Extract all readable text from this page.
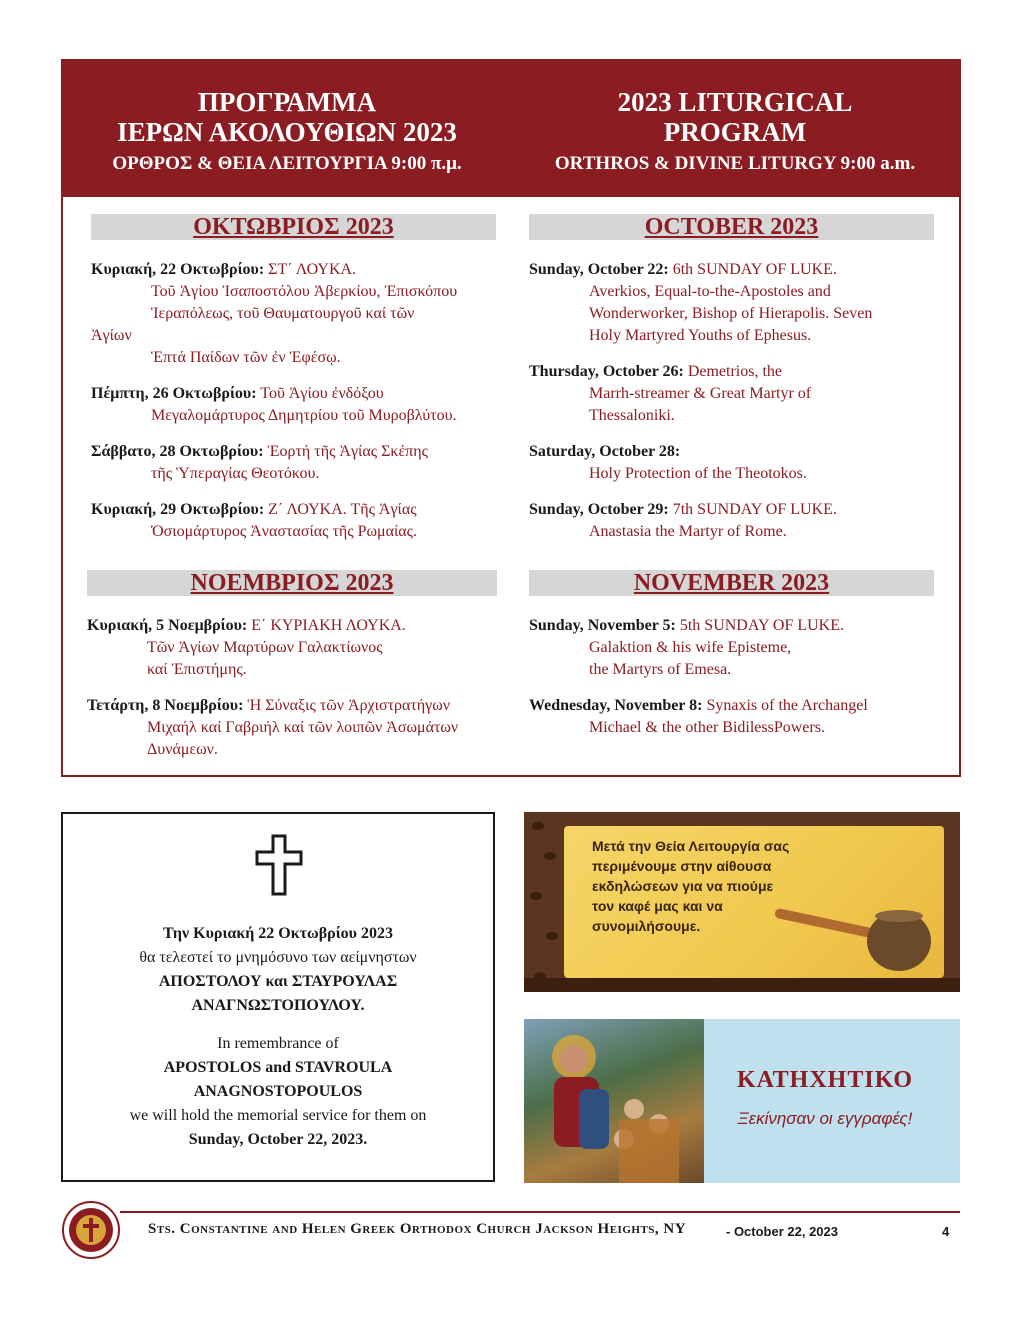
ΠΡΟΓΡΑΜΜΑ
ΙΕΡΩΝ ΑΚΟΛΟΥΘΙΩΝ 2023
ΟΡΘΡΟΣ & ΘΕΙΑ ΛΕΙΤΟΥΡΓΙΑ 9:00 π.μ.
2023 LITURGICAL
PROGRAM
ORTHROS & DIVINE LITURGY 9:00 a.m.
ΟΚΤΩΒΡΙΟΣ 2023	OCTOBER 2023
Κυριακή, 22 Οκτωβρίου: ΣΤ΄ ΛΟΥΚΑ.
Τοῦ Ἁγίου Ἰσαποστόλου Ἀβερκίου, Ἐπισκόπου
Ἱεραπόλεως, τοῦ Θαυματουργοῦ καί τῶν
Ἁγίων
Ἑπτά Παίδων τῶν ἐν Ἐφέσῳ.
Πέμπτη, 26 Οκτωβρίου: Τοῦ Ἁγίου ἐνδόξου
Μεγαλομάρτυρος Δημητρίου τοῦ Μυροβλύτου.
Σάββατο, 28 Οκτωβρίου: Ἑορτή τῆς Ἁγίας Σκέπης
τῆς Ὑπεραγίας Θεοτόκου.
Κυριακή, 29 Οκτωβρίου: Ζ΄ ΛΟΥΚΑ. Τῆς Ἁγίας
Ὁσιομάρτυρος Ἀναστασίας τῆς Ρωμαίας.
Sunday, October 22: 6th SUNDAY OF LUKE.
Averkios, Equal-to-the-Apostoles and
Wonderworker, Bishop of Hierapolis. Seven
Holy Martyred Youths of Ephesus.
Thursday, October 26: Demetrios, the
Marrh-streamer & Great Martyr of
Thessaloniki.
Saturday, October 28:
Holy Protection of the Theotokos.
Sunday, October 29: 7th SUNDAY OF LUKE.
Anastasia the Martyr of Rome.
ΝΟΕΜΒΡΙΟΣ 2023	NOVEMBER 2023
Κυριακή, 5 Νοεμβρίου: Ε΄ ΚΥΡΙΑΚΗ ΛΟΥΚΑ.
Τῶν Ἁγίων Μαρτύρων Γαλακτίωνος
καί Ἐπιστήμης.
Τετάρτη, 8 Νοεμβρίου: Ἡ Σύναξις τῶν Ἀρχιστρατήγων
Μιχαήλ καί Γαβριήλ καί τῶν λοιπῶν Ἀσωμάτων
Δυνάμεων.
Sunday, November 5: 5th SUNDAY OF LUKE.
Galaktion & his wife Episteme,
the Martyrs of Emesa.
Wednesday, November 8: Synaxis of the Archangel
Michael & the other BidilessPowers.
Την Κυριακή 22 Οκτωβρίου 2023
θα τελεστεί το μνημόσυνο των αείμνηστων
ΑΠΟΣΤΟΛΟΥ και ΣΤΑΥΡΟΥΛΑΣ
ΑΝΑΓΝΩΣΤΟΠΟΥΛΟΥ.
In remembrance of
APOSTOLOS and STAVROULA
ANAGNOSTOPOULOS
we will hold the memorial service for them on
Sunday, October 22, 2023.
Μετά την Θεία Λειτουργία σας
περιμένουμε στην αίθουσα
εκδηλώσεων για να πιούμε
τον καφέ μας και να
συνομιλήσουμε.
ΚΑΤΗΧΗΤΙΚΟ
Ξεκίνησαν οι εγγραφές!
Sts. Constantine and Helen Greek Orthodox Church Jackson Heights, NY	- October 22, 2023	4
